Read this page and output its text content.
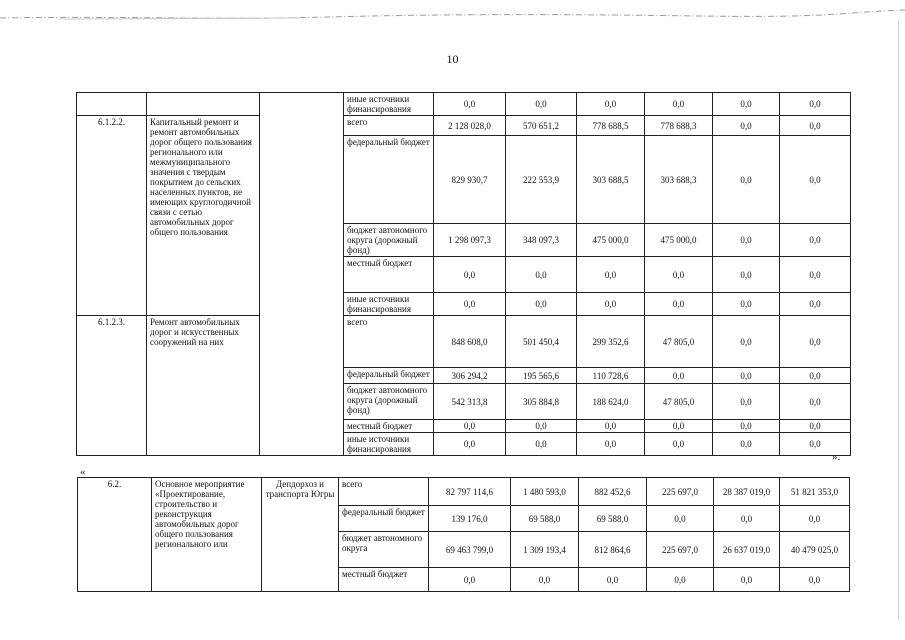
10
			иные источники финансирования	0,0	0,0	0,0	0,0	0,0	0,0
6.1.2.2.	Капитальный ремонт и ремонт автомобильных дорог общего пользования регионального или межмуниципального значения с твердым покрытием до сельских населенных пунктов, не имеющих круглогодичной связи с сетью автомобильных дорог общего пользования		всего	2 128 028,0	570 651,2	778 688,5	778 688,3	0,0	0,0
			федеральный бюджет	829 930,7	222 553,9	303 688,5	303 688,3	0,0	0,0
			бюджет автономного округа (дорожный фонд)	1 298 097,3	348 097,3	475 000,0	475 000,0	0,0	0,0
			местный бюджет	0,0	0,0	0,0	0,0	0,0	0,0
			иные источники финансирования	0,0	0,0	0,0	0,0	0,0	0,0
6.1.2.3.	Ремонт автомобильных дорог и искусственных сооружений на них		всего	848 608,0	501 450,4	299 352,6	47 805,0	0,0	0,0
			федеральный бюджет	306 294,2	195 565,6	110 728,6	0,0	0,0	0,0
			бюджет автономного округа (дорожный фонд)	542 313,8	305 884,8	188 624,0	47 805,0	0,0	0,0
			местный бюджет	0,0	0,0	0,0	0,0	0,0	0,0
			иные источники финансирования	0,0	0,0	0,0	0,0	0,0	0,0
».
«
6.2.	Основное мероприятие «Проектирование, строительство и реконструкция автомобильных дорог общего пользования регионального или	Депдорхоз и транспорта Югры	всего	82 797 114,6	1 480 593,0	882 452,6	225 697,0	28 387 019,0	51 821 353,0
			федеральный бюджет	139 176,0	69 588,0	69 588,0	0,0	0,0	0,0
			бюджет автономного округа	69 463 799,0	1 309 193,4	812 864,6	225 697,0	26 637 019,0	40 479 025,0
			местный бюджет	0,0	0,0	0,0	0,0	0,0	0,0
